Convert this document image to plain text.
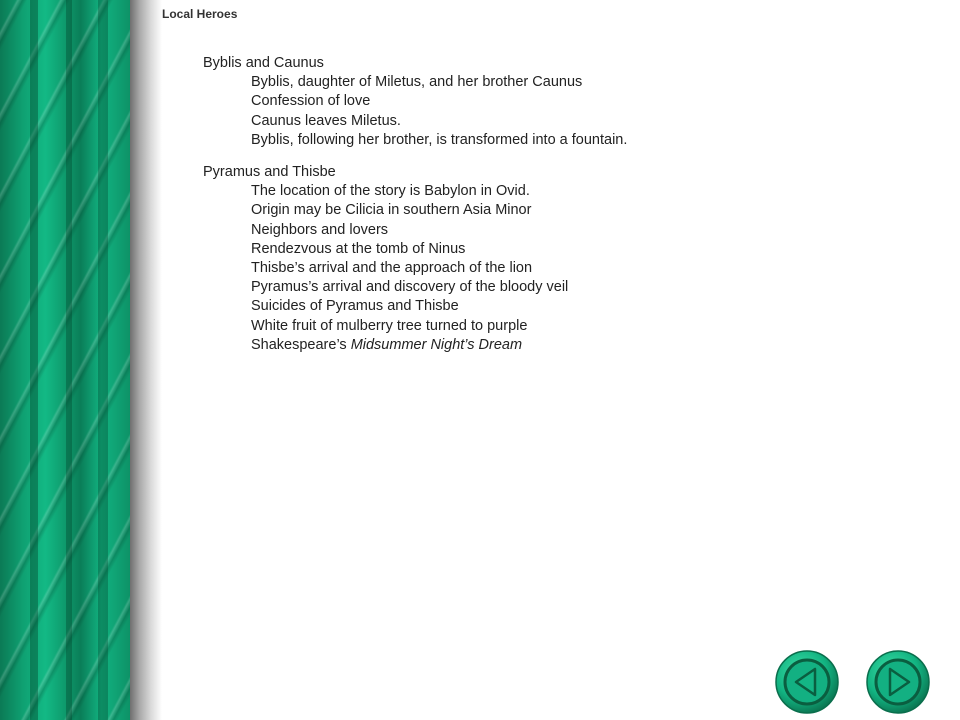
Local Heroes
Byblis and Caunus
Byblis, daughter of Miletus, and her brother Caunus
Confession of love
Caunus leaves Miletus.
Byblis, following her brother, is transformed into a fountain.
Pyramus and Thisbe
The location of the story is Babylon in Ovid.
Origin may be Cilicia in southern Asia Minor
Neighbors and lovers
Rendezvous at the tomb of Ninus
Thisbe’s arrival and the approach of the lion
Pyramus’s arrival and discovery of the bloody veil
Suicides of Pyramus and Thisbe
White fruit of mulberry tree turned to purple
Shakespeare’s Midsummer Night’s Dream
